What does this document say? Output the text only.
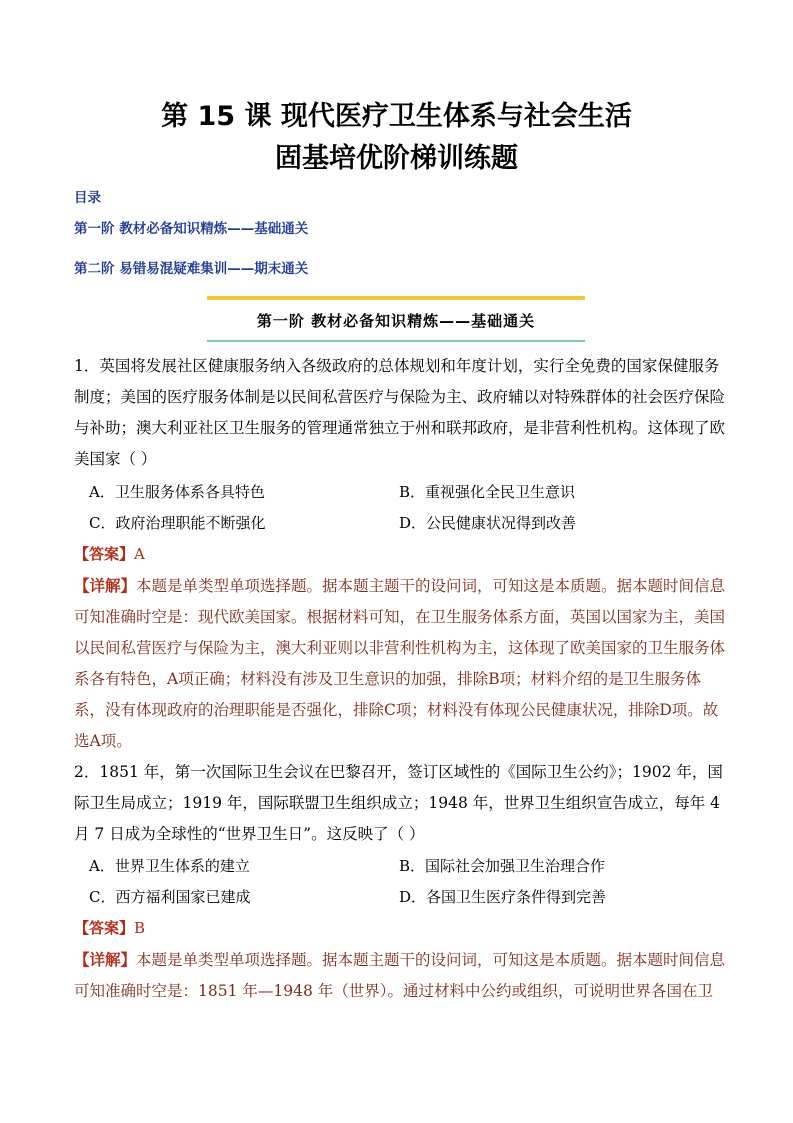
第 15 课 现代医疗卫生体系与社会生活
固基培优阶梯训练题
目录
第一阶 教材必备知识精炼——基础通关
第二阶 易错易混疑难集训——期末通关
第一阶 教材必备知识精炼——基础通关

1．英国将发展社区健康服务纳入各级政府的总体规划和年度计划，实行全免费的国家保健服务制度；美国的医疗服务体制是以民间私营医疗与保险为主、政府辅以对特殊群体的社会医疗保险与补助；澳大利亚社区卫生服务的管理通常独立于州和联邦政府，是非营利性机构。这体现了欧美国家（ ）

A．卫生服务体系各具特色	B．重视强化全民卫生意识
C．政府治理职能不断强化	D．公民健康状况得到改善
【答案】A

【详解】本题是单类型单项选择题。据本题主题干的设问词，可知这是本质题。据本题时间信息可知准确时空是：现代欧美国家。根据材料可知，在卫生服务体系方面，英国以国家为主，美国以民间私营医疗与保险为主，澳大利亚则以非营利性机构为主，这体现了欧美国家的卫生服务体系各有特色，A项正确；材料没有涉及卫生意识的加强，排除B项；材料介绍的是卫生服务体系，没有体现政府的治理职能是否强化，排除C项；材料没有体现公民健康状况，排除D项。故选A项。

2．1851 年，第一次国际卫生会议在巴黎召开，签订区域性的《国际卫生公约》；1902 年，国际卫生局成立；1919 年，国际联盟卫生组织成立；1948 年，世界卫生组织宣告成立，每年 4 月 7 日成为全球性的“世界卫生日”。这反映了（ ）

A．世界卫生体系的建立	B．国际社会加强卫生治理合作
C．西方福利国家已建成	D．各国卫生医疗条件得到完善
【答案】B

【详解】本题是单类型单项选择题。据本题主题干的设问词，可知这是本质题。据本题时间信息可知准确时空是：1851 年—1948 年（世界）。通过材料中公约或组织，可说明世界各国在卫
